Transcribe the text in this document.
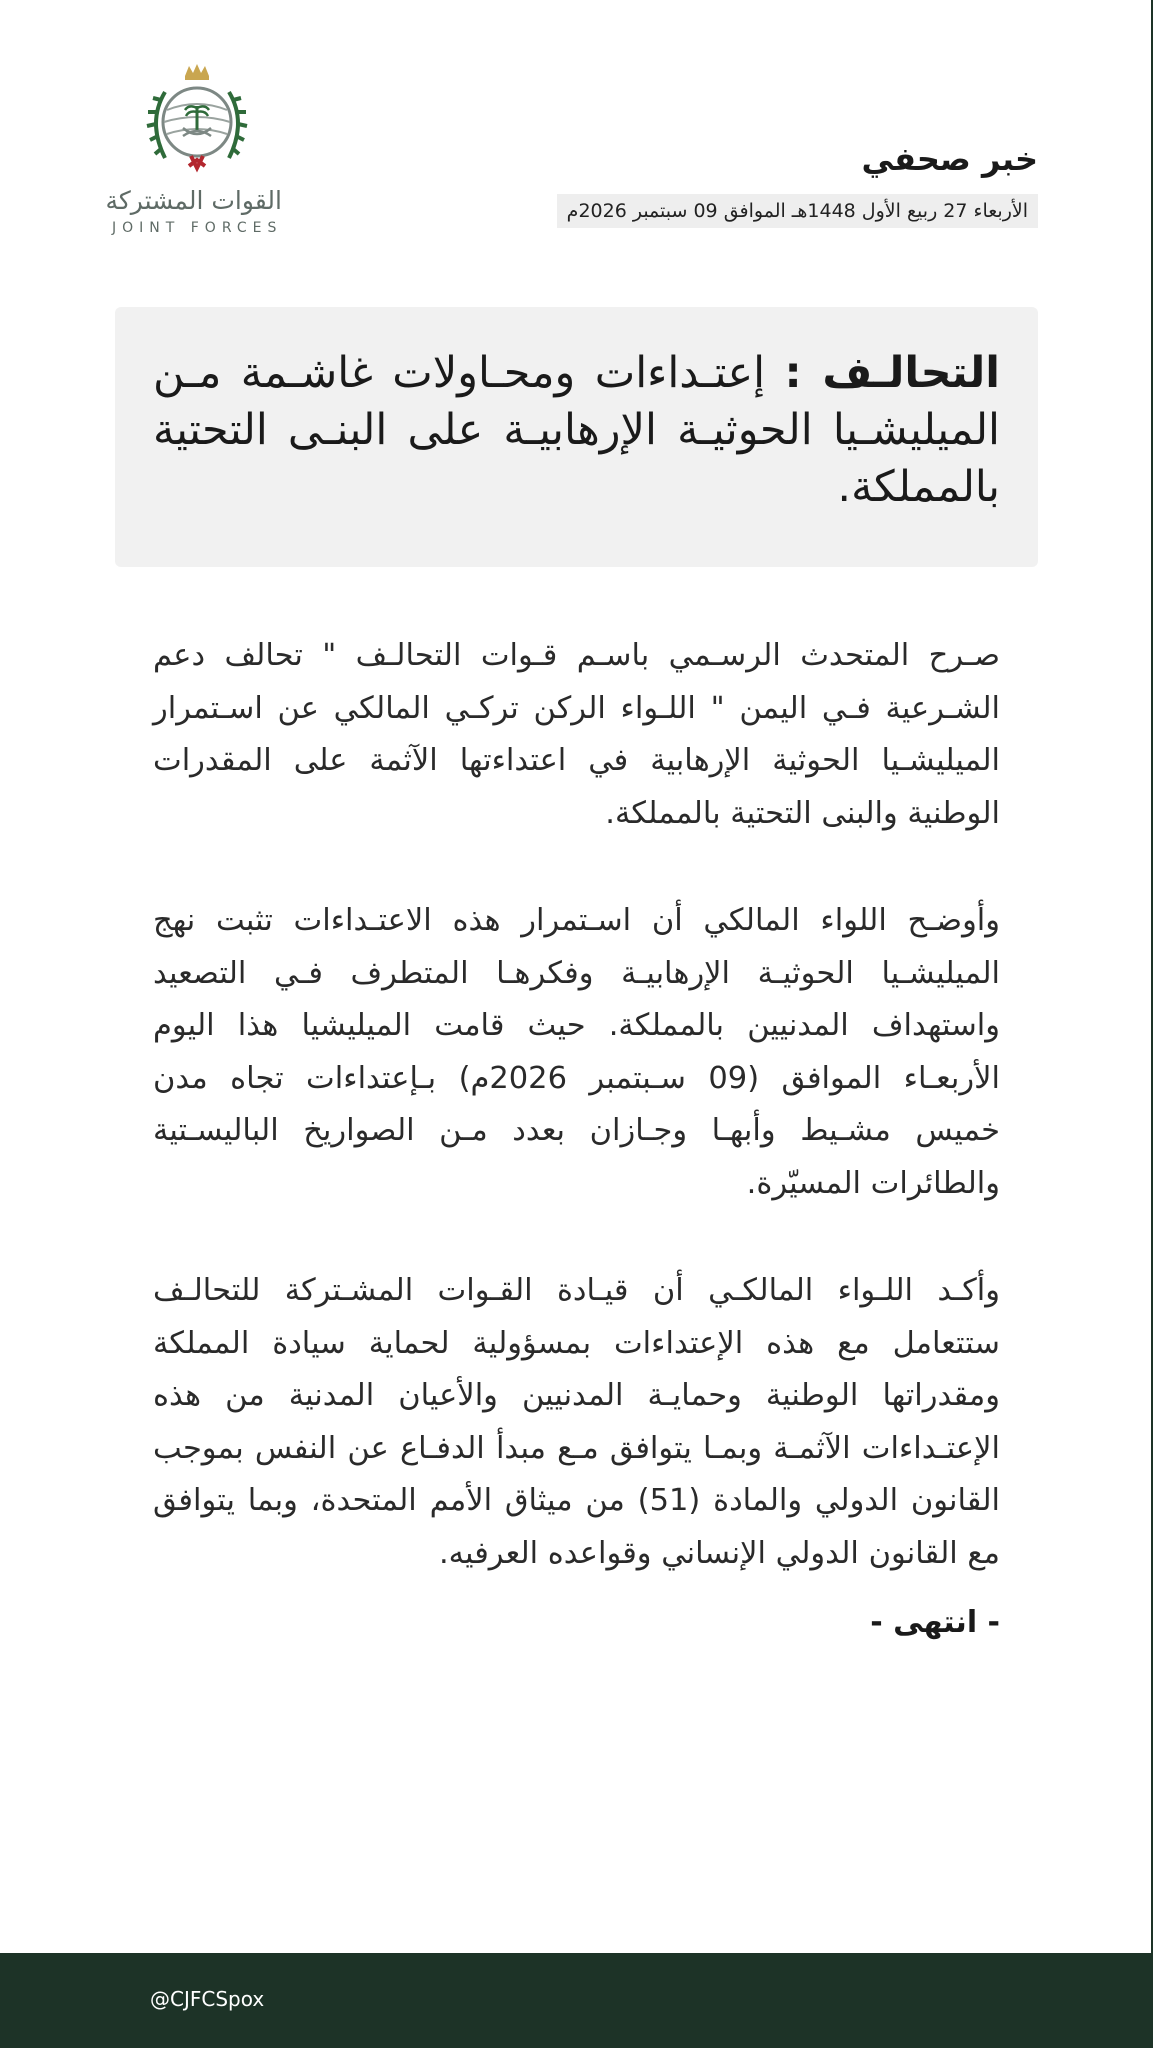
خبر صحفي
الأربعاء 27 ربيع الأول 1448هـ الموافق 09 سبتمبر 2026م
القوات المشتركة
JOINT FORCES
التحالـف : إعتـداءات ومحـاولات غاشـمة مـن الميليشـيا الحوثيـة الإرهابيـة على البنـى التحتية بالمملكة.

صـرح المتحدث الرسـمي باسـم قـوات التحالـف " تحالف دعم الشـرعية فـي اليمن " اللـواء الركن تركـي المالكي عن اسـتمرار الميليشـيا الحوثية الإرهابية في اعتداءتها الآثمة على المقدرات الوطنية والبنى التحتية بالمملكة.

وأوضـح اللواء المالكي أن اسـتمرار هذه الاعتـداءات تثبت نهج الميليشـيا الحوثيـة الإرهابيـة وفكرهـا المتطرف فـي التصعيد واستهداف المدنيين بالمملكة. حيث قامت الميليشيا هذا اليوم الأربعـاء الموافق (09 سـبتمبر 2026م) بـإعتداءات تجاه مدن خميس مشـيط وأبهـا وجـازان بعدد مـن الصواريخ الباليسـتية والطائرات المسيّرة.

وأكـد اللـواء المالكـي أن قيـادة القـوات المشـتركة للتحالـف ستتعامل مع هذه الإعتداءات بمسؤولية لحماية سيادة المملكة ومقدراتها الوطنية وحمايـة المدنيين والأعيان المدنية من هذه الإعتـداءات الآثمـة وبمـا يتوافق مـع مبدأ الدفـاع عن النفس بموجب القانون الدولي والمادة (51) من ميثاق الأمم المتحدة، وبما يتوافق مع القانون الدولي الإنساني وقواعده العرفيه.

- انتهى -
@CJFCSpox
